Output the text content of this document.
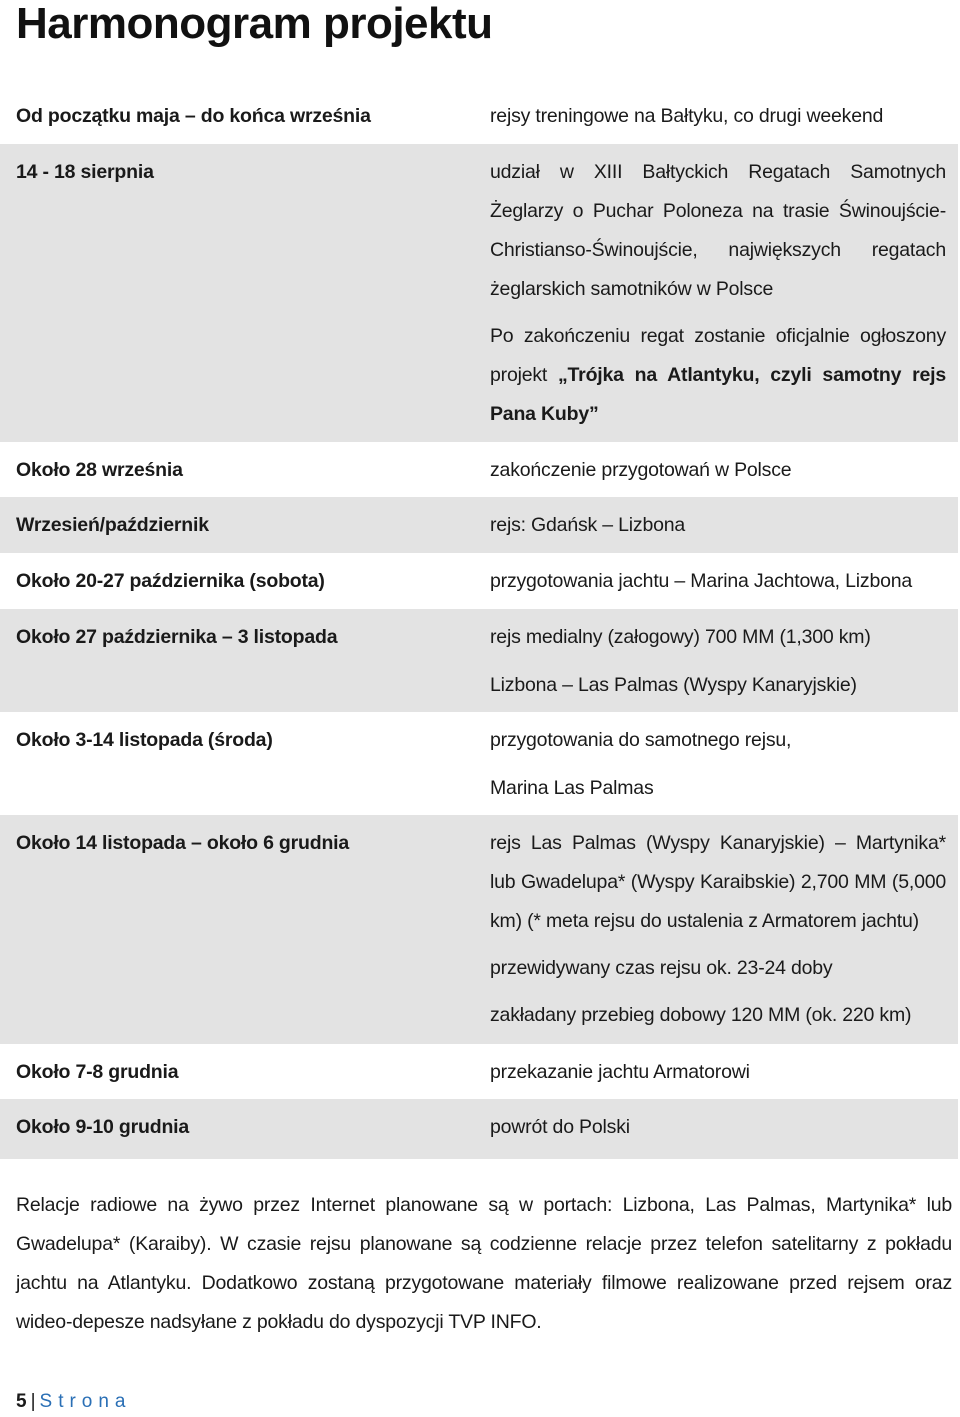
Harmonogram projektu
Od początku maja – do końca września	rejsy treningowe na Bałtyku, co drugi weekend
14 - 18 sierpnia	udział w XIII Bałtyckich Regatach Samotnych Żeglarzy o Puchar Poloneza na trasie Świnoujście-Christianso-Świnoujście, największych regatach żeglarskich samotników w Polsce
Po zakończeniu regat zostanie oficjalnie ogłoszony projekt „Trójka na Atlantyku, czyli samotny rejs Pana Kuby”
Około 28 września	zakończenie przygotowań w Polsce
Wrzesień/październik	rejs: Gdańsk – Lizbona
Około 20-27 października (sobota)	przygotowania jachtu – Marina Jachtowa, Lizbona
Około 27 października – 3 listopada	rejs medialny (załogowy) 700 MM (1,300 km)
Lizbona – Las Palmas (Wyspy Kanaryjskie)
Około 3-14 listopada (środa)	przygotowania do samotnego rejsu,
Marina Las Palmas
Około 14 listopada – około 6 grudnia	rejs Las Palmas (Wyspy Kanaryjskie) – Martynika* lub Gwadelupa* (Wyspy Karaibskie) 2,700 MM (5,000 km) (* meta rejsu do ustalenia z Armatorem jachtu)
przewidywany czas rejsu ok. 23-24 doby
zakładany przebieg dobowy 120 MM (ok. 220 km)
Około 7-8 grudnia	przekazanie jachtu Armatorowi
Około 9-10 grudnia	powrót do Polski

Relacje radiowe na żywo przez Internet planowane są w portach: Lizbona, Las Palmas, Martynika* lub Gwadelupa* (Karaiby). W czasie rejsu planowane są codzienne relacje przez telefon satelitarny z pokładu jachtu na Atlantyku. Dodatkowo zostaną przygotowane materiały filmowe realizowane przed rejsem oraz wideo-depesze nadsyłane z pokładu do dyspozycji TVP INFO.

5 | Strona
